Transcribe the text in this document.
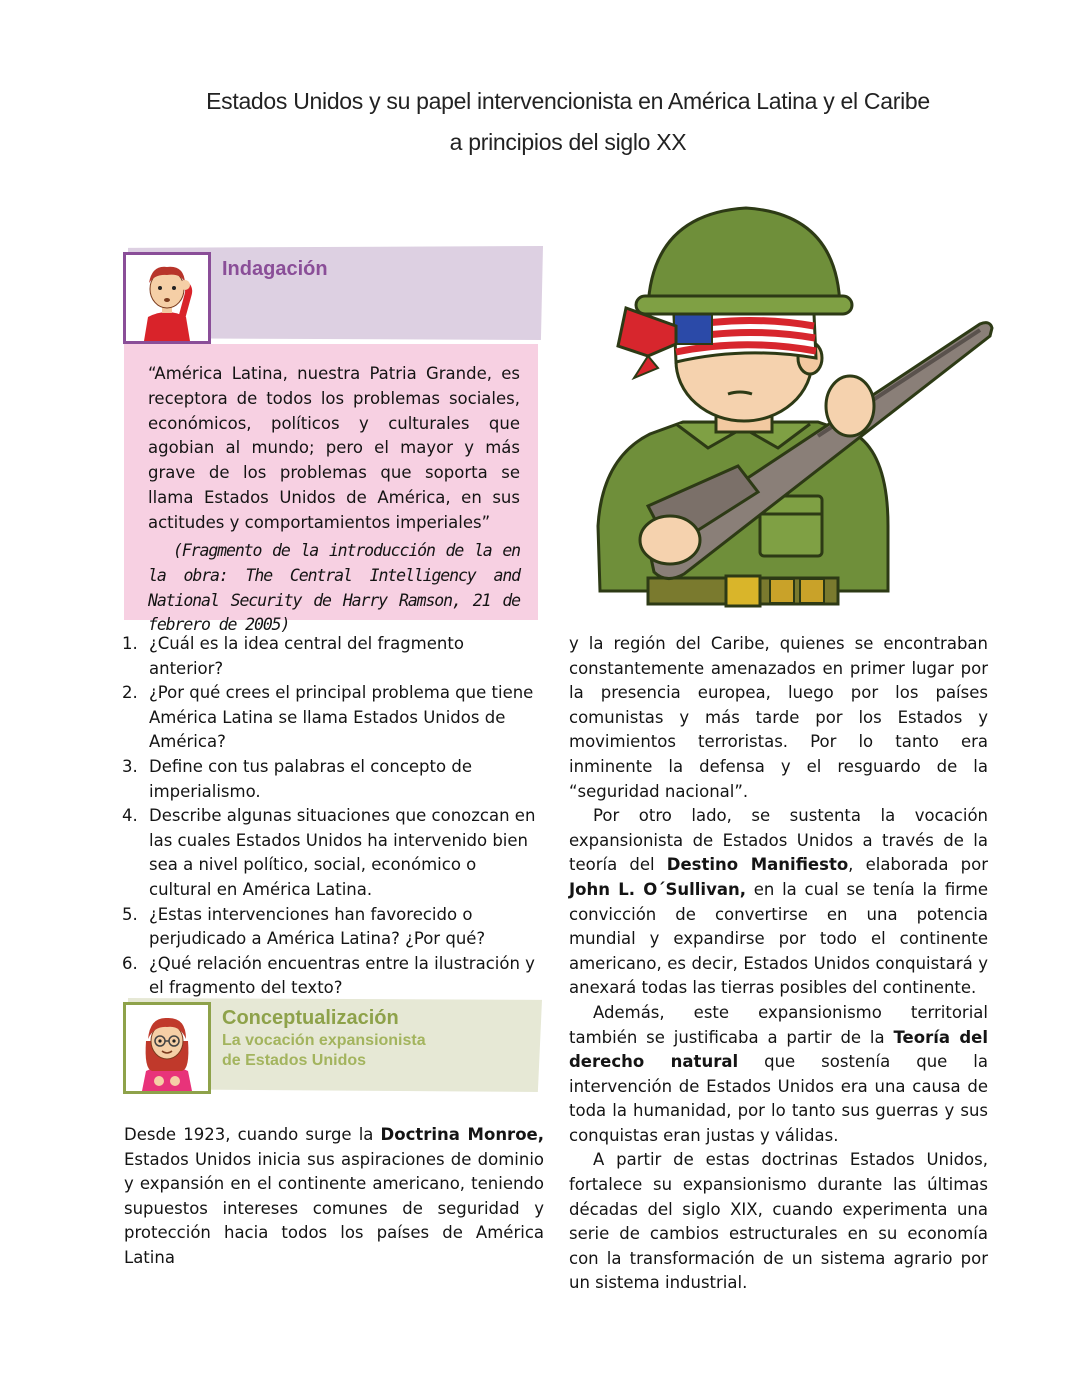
Estados Unidos y su papel intervencionista en América Latina y el Caribe
a principios del siglo XX
Indagación
“América Latina, nuestra Patria Grande, es receptora de todos los problemas sociales, económicos, políticos y culturales que agobian al mundo; pero el mayor y más grave de los problemas que soporta se llama Estados Unidos de América, en sus actitudes y comportamientos imperiales”
(Fragmento de la introducción de la en la obra: The Central Intelligency and National Security de Harry Ramson, 21 de febrero de 2005)
1. ¿Cuál es la idea central del fragmento anterior?
2. ¿Por qué crees el principal problema que tiene América Latina se llama Estados Unidos de América?
3. Define con tus palabras el concepto de imperialismo.
4. Describe algunas situaciones que conozcan en las cuales Estados Unidos ha intervenido bien sea a nivel político, social, económico o cultural en América Latina.
5. ¿Estas intervenciones han favorecido o perjudicado a América Latina? ¿Por qué?
6. ¿Qué relación encuentras entre la ilustración y el fragmento del texto?
Conceptualización
La vocación expansionista
de Estados Unidos

Desde 1923, cuando surge la Doctrina Monroe, Estados Unidos inicia sus aspiraciones de dominio y expansión en el continente americano, teniendo supuestos intereses comunes de seguridad y protección hacia todos los países de América Latina

y la región del Caribe, quienes se encontraban constantemente amenazados en primer lugar por la presencia europea, luego por los países comunistas y más tarde por los Estados y movimientos terroristas. Por lo tanto era inminente la defensa y el resguardo de la “seguridad nacional”.

Por otro lado, se sustenta la vocación expansionista de Estados Unidos a través de la teoría del Destino Manifiesto, elaborada por John L. O´Sullivan, en la cual se tenía la firme convicción de convertirse en una potencia mundial y expandirse por todo el continente americano, es decir, Estados Unidos conquistará y anexará todas las tierras posibles del continente.

Además, este expansionismo territorial también se justificaba a partir de la Teoría del derecho natural que sostenía que la intervención de Estados Unidos era una causa de toda la humanidad, por lo tanto sus guerras y sus conquistas eran justas y válidas.

A partir de estas doctrinas Estados Unidos, fortalece su expansionismo durante las últimas décadas del siglo XIX, cuando experimenta una serie de cambios estructurales en su economía con la transformación de un sistema agrario por un sistema industrial.
